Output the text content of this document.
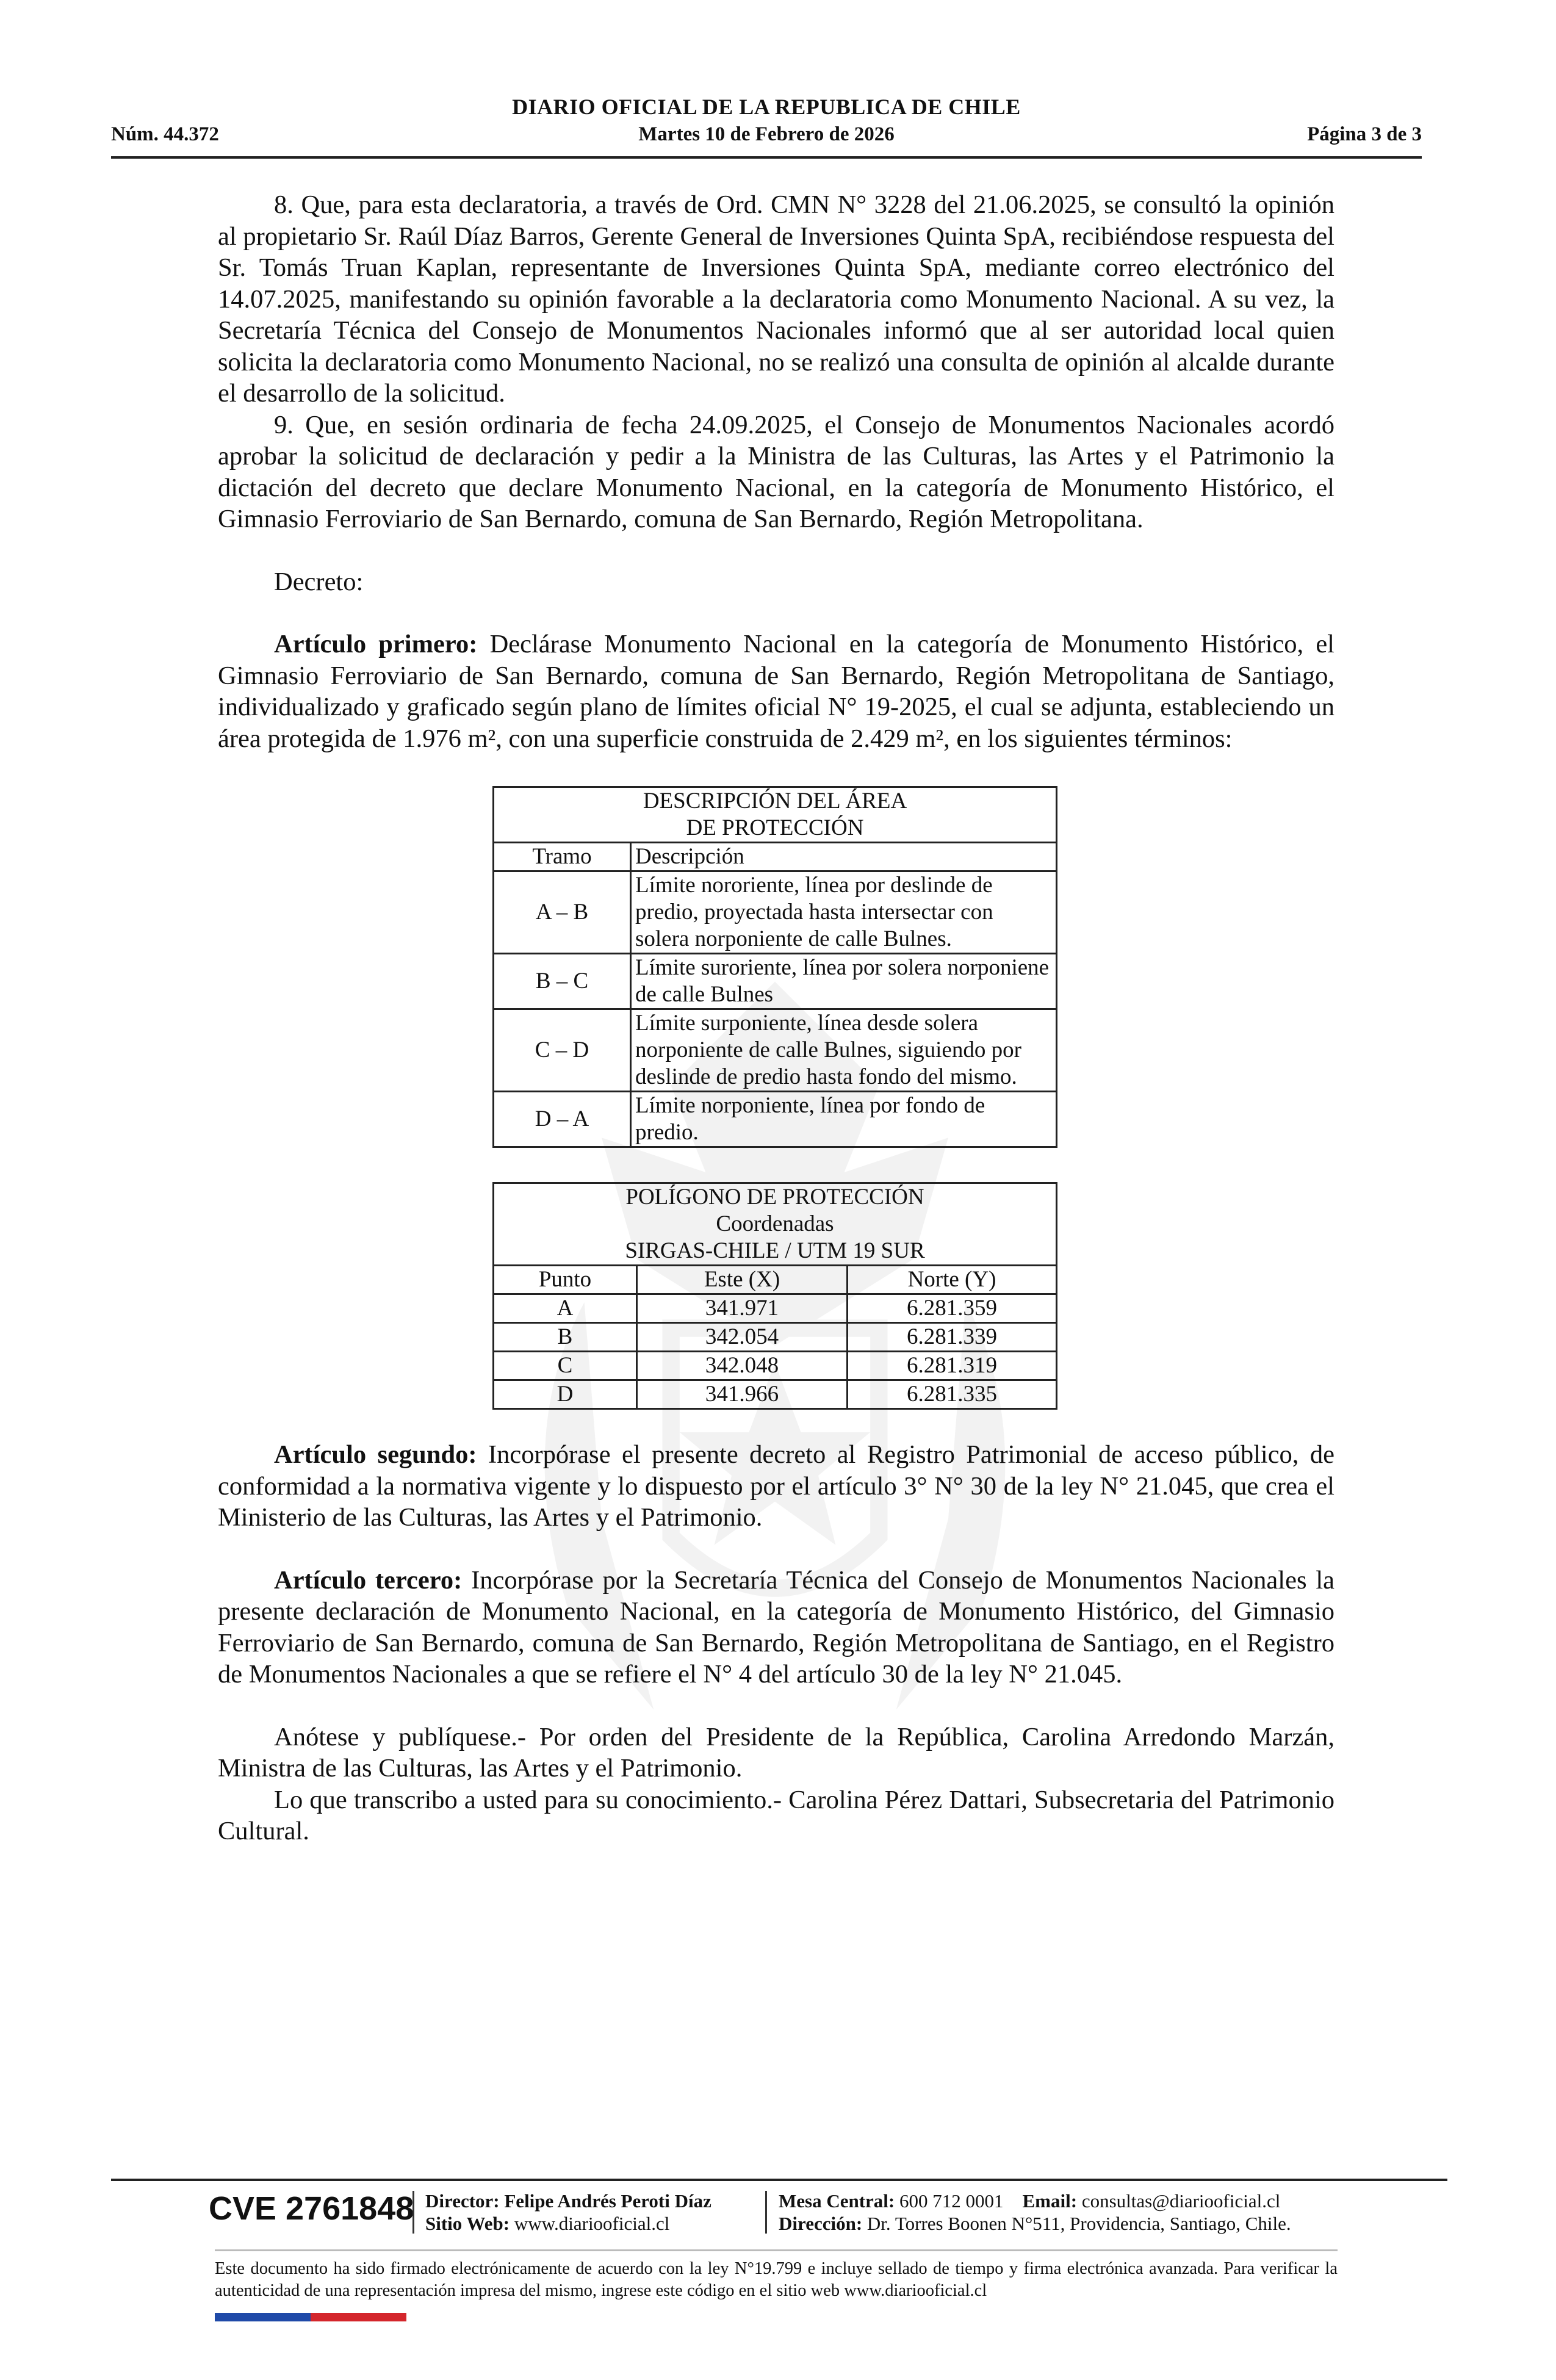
DIARIO OFICIAL DE LA REPUBLICA DE CHILE
Núm. 44.372	Martes 10 de Febrero de 2026	Página 3 de 3

8. Que, para esta declaratoria, a través de Ord. CMN N° 3228 del 21.06.2025, se consultó la opinión al propietario Sr. Raúl Díaz Barros, Gerente General de Inversiones Quinta SpA, recibiéndose respuesta del Sr. Tomás Truan Kaplan, representante de Inversiones Quinta SpA, mediante correo electrónico del 14.07.2025, manifestando su opinión favorable a la declaratoria como Monumento Nacional. A su vez, la Secretaría Técnica del Consejo de Monumentos Nacionales informó que al ser autoridad local quien solicita la declaratoria como Monumento Nacional, no se realizó una consulta de opinión al alcalde durante el desarrollo de la solicitud.

9. Que, en sesión ordinaria de fecha 24.09.2025, el Consejo de Monumentos Nacionales acordó aprobar la solicitud de declaración y pedir a la Ministra de las Culturas, las Artes y el Patrimonio la dictación del decreto que declare Monumento Nacional, en la categoría de Monumento Histórico, el Gimnasio Ferroviario de San Bernardo, comuna de San Bernardo, Región Metropolitana.

Decreto:

Artículo primero: Declárase Monumento Nacional en la categoría de Monumento Histórico, el Gimnasio Ferroviario de San Bernardo, comuna de San Bernardo, Región Metropolitana de Santiago, individualizado y graficado según plano de límites oficial N° 19-2025, el cual se adjunta, estableciendo un área protegida de 1.976 m², con una superficie construida de 2.429 m², en los siguientes términos:

DESCRIPCIÓN DEL ÁREA
DE PROTECCIÓN	

Tramo	Descripción
A – B	Límite nororiente, línea por deslinde de predio, proyectada hasta intersectar con solera norponiente de calle Bulnes.
B – C	Límite suroriente, línea por solera norponiene de calle Bulnes
C – D	Límite surponiente, línea desde solera norponiente de calle Bulnes, siguiendo por deslinde de predio hasta fondo del mismo.
D – A	Límite norponiente, línea por fondo de predio.
POLÍGONO DE PROTECCIÓN
Coordenadas
SIRGAS-CHILE / UTM 19 SUR		

Punto	Este (X)	Norte (Y)
A	341.971	6.281.359
B	342.054	6.281.339
C	342.048	6.281.319
D	341.966	6.281.335

Artículo segundo: Incorpórase el presente decreto al Registro Patrimonial de acceso público, de conformidad a la normativa vigente y lo dispuesto por el artículo 3° N° 30 de la ley N° 21.045, que crea el Ministerio de las Culturas, las Artes y el Patrimonio.

Artículo tercero: Incorpórase por la Secretaría Técnica del Consejo de Monumentos Nacionales la presente declaración de Monumento Nacional, en la categoría de Monumento Histórico, del Gimnasio Ferroviario de San Bernardo, comuna de San Bernardo, Región Metropolitana de Santiago, en el Registro de Monumentos Nacionales a que se refiere el N° 4 del artículo 30 de la ley N° 21.045.

Anótese y publíquese.- Por orden del Presidente de la República, Carolina Arredondo Marzán, Ministra de las Culturas, las Artes y el Patrimonio.

Lo que transcribo a usted para su conocimiento.- Carolina Pérez Dattari, Subsecretaria del Patrimonio Cultural.

CVE 2761848 Director: Felipe Andrés Peroti Díaz
Sitio Web: www.diariooficial.cl
Mesa Central: 600 712 0001 Email: consultas@diariooficial.cl
Dirección: Dr. Torres Boonen N°511, Providencia, Santiago, Chile.
Este documento ha sido firmado electrónicamente de acuerdo con la ley N°19.799 e incluye sellado de tiempo y firma electrónica avanzada. Para verificar la autenticidad de una representación impresa del mismo, ingrese este código en el sitio web www.diariooficial.cl
